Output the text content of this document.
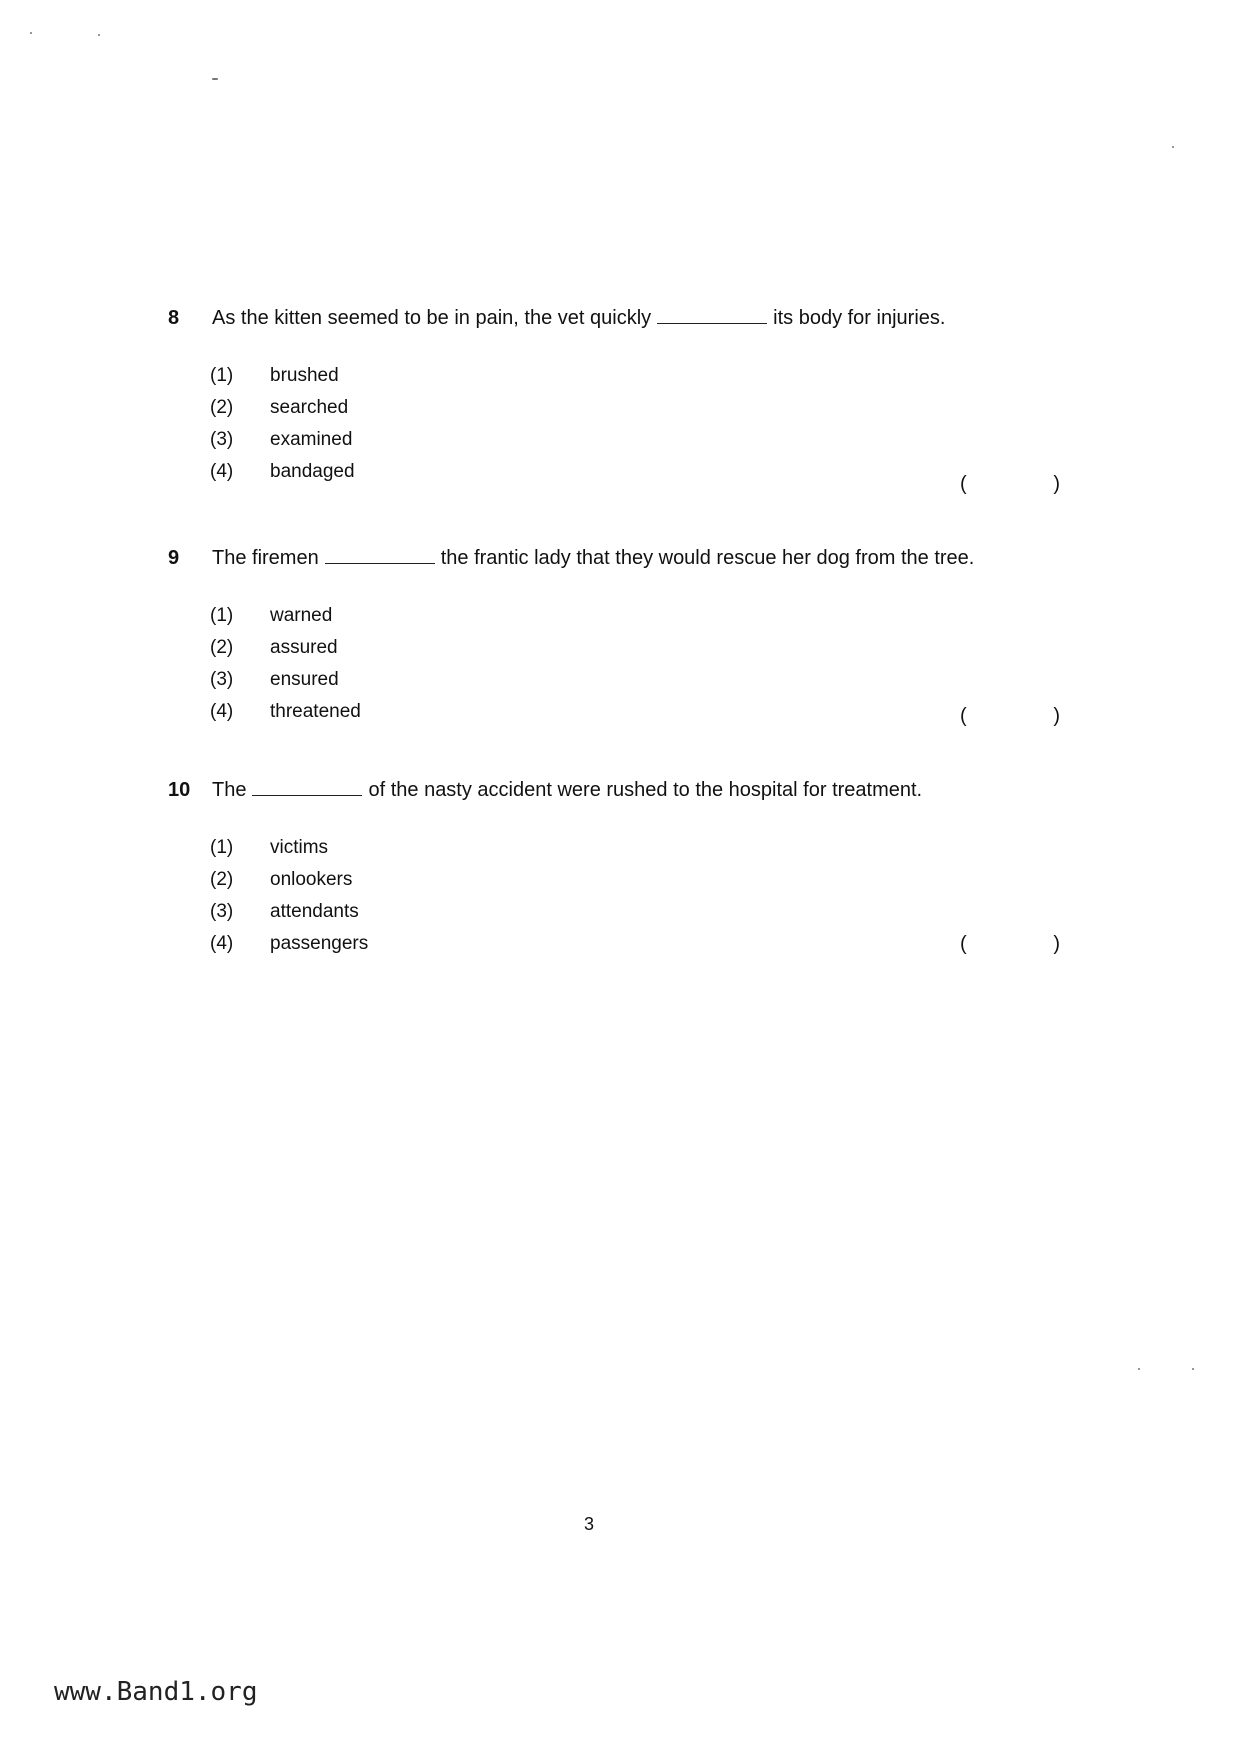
8 As the kitten seemed to be in pain, the vet quickly	its body for injuries.
(1)	brushed
(2)	searched
(3)	examined
(4)	bandaged
(	)
9 The firemen	the frantic lady that they would rescue her dog from the tree.
(1)	warned
(2)	assured
(3)	ensured
(4)	threatened	(	)
10 The	of the nasty accident were rushed to the hospital for treatment.
(1)	victims
(2)	onlookers
(3)	attendants
(4)	passengers	(	)
3
www.Band1.org
